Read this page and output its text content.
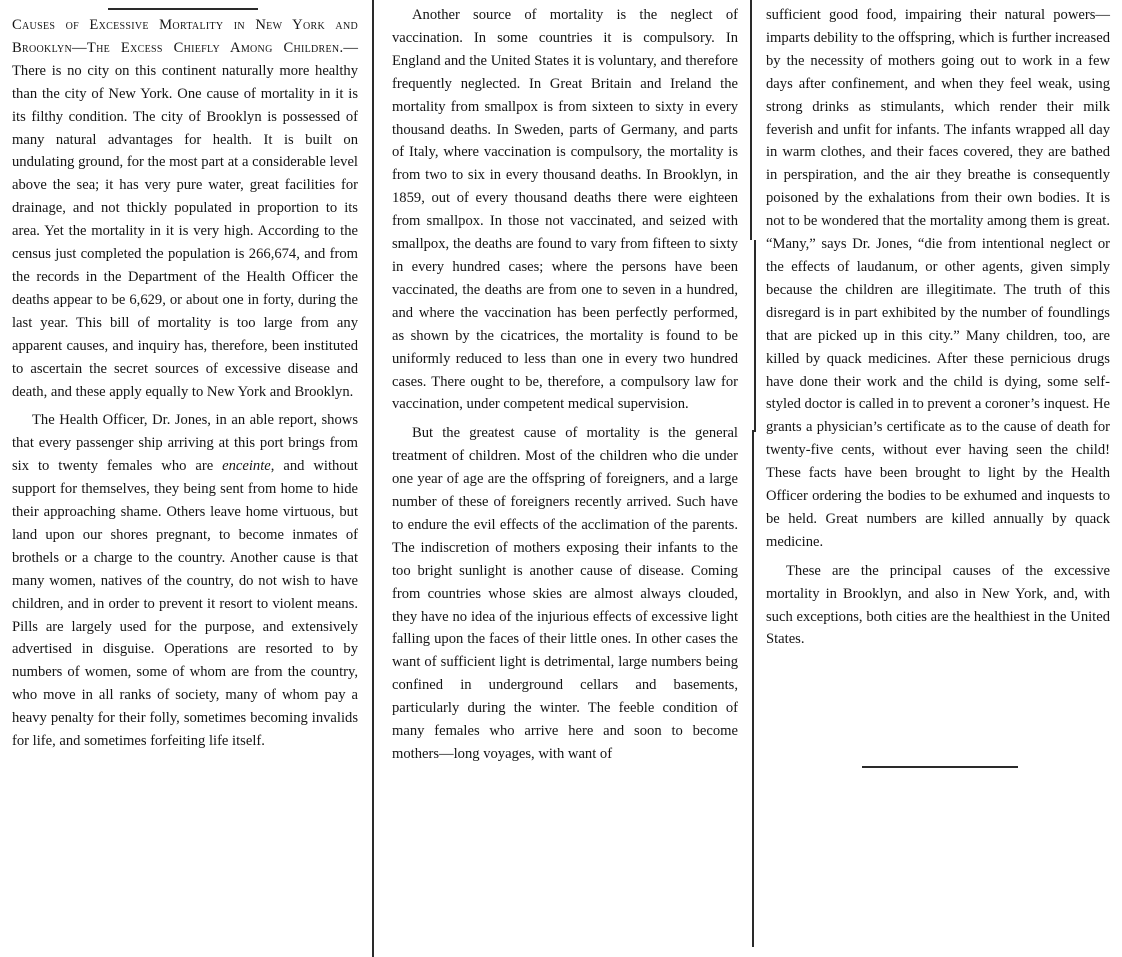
Causes of Excessive Mortality in New York and Brooklyn—The Excess Chiefly Among Children.—There is no city on this continent naturally more healthy than the city of New York. One cause of mortality in it is its filthy condition. The city of Brooklyn is possessed of many natural advantages for health. It is built on undulating ground, for the most part at a considerable level above the sea; it has very pure water, great facilities for drainage, and not thickly populated in proportion to its area. Yet the mortality in it is very high. According to the census just completed the population is 266,674, and from the records in the Department of the Health Officer the deaths appear to be 6,629, or about one in forty, during the last year. This bill of mortality is too large from any apparent causes, and inquiry has, therefore, been instituted to ascertain the secret sources of excessive disease and death, and these apply equally to New York and Brooklyn.

The Health Officer, Dr. Jones, in an able report, shows that every passenger ship arriving at this port brings from six to twenty females who are enceinte, and without support for themselves, they being sent from home to hide their approaching shame. Others leave home virtuous, but land upon our shores pregnant, to become inmates of brothels or a charge to the country. Another cause is that many women, natives of the country, do not wish to have children, and in order to prevent it resort to violent means. Pills are largely used for the purpose, and extensively advertised in disguise. Operations are resorted to by numbers of women, some of whom are from the country, who move in all ranks of society, many of whom pay a heavy penalty for their folly, sometimes becoming invalids for life, and sometimes forfeiting life itself.

Another source of mortality is the neglect of vaccination. In some countries it is compulsory. In England and the United States it is voluntary, and therefore frequently neglected. In Great Britain and Ireland the mortality from smallpox is from sixteen to sixty in every thousand deaths. In Sweden, parts of Germany, and parts of Italy, where vaccination is compulsory, the mortality is from two to six in every thousand deaths. In Brooklyn, in 1859, out of every thousand deaths there were eighteen from smallpox. In those not vaccinated, and seized with smallpox, the deaths are found to vary from fifteen to sixty in every hundred cases; where the persons have been vaccinated, the deaths are from one to seven in a hundred, and where the vaccination has been perfectly performed, as shown by the cicatrices, the mortality is found to be uniformly reduced to less than one in every two hundred cases. There ought to be, therefore, a compulsory law for vaccination, under competent medical supervision.

But the greatest cause of mortality is the general treatment of children. Most of the children who die under one year of age are the offspring of foreigners, and a large number of these of foreigners recently arrived. Such have to endure the evil effects of the acclimation of the parents. The indiscretion of mothers exposing their infants to the too bright sunlight is another cause of disease. Coming from countries whose skies are almost always clouded, they have no idea of the injurious effects of excessive light falling upon the faces of their little ones. In other cases the want of sufficient light is detrimental, large numbers being confined in underground cellars and basements, particularly during the winter. The feeble condition of many females who arrive here and soon to become mothers—long voyages, with want of

sufficient good food, impairing their natural powers—imparts debility to the offspring, which is further increased by the necessity of mothers going out to work in a few days after confinement, and when they feel weak, using strong drinks as stimulants, which render their milk feverish and unfit for infants. The infants wrapped all day in warm clothes, and their faces covered, they are bathed in perspiration, and the air they breathe is consequently poisoned by the exhalations from their own bodies. It is not to be wondered that the mortality among them is great. “Many,” says Dr. Jones, “die from intentional neglect or the effects of laudanum, or other agents, given simply because the children are illegitimate. The truth of this disregard is in part exhibited by the number of foundlings that are picked up in this city.” Many children, too, are killed by quack medicines. After these pernicious drugs have done their work and the child is dying, some self-styled doctor is called in to prevent a coroner’s inquest. He grants a physician’s certificate as to the cause of death for twenty-five cents, without ever having seen the child! These facts have been brought to light by the Health Officer ordering the bodies to be exhumed and inquests to be held. Great numbers are killed annually by quack medicine.

These are the principal causes of the excessive mortality in Brooklyn, and also in New York, and, with such exceptions, both cities are the healthiest in the United States.
